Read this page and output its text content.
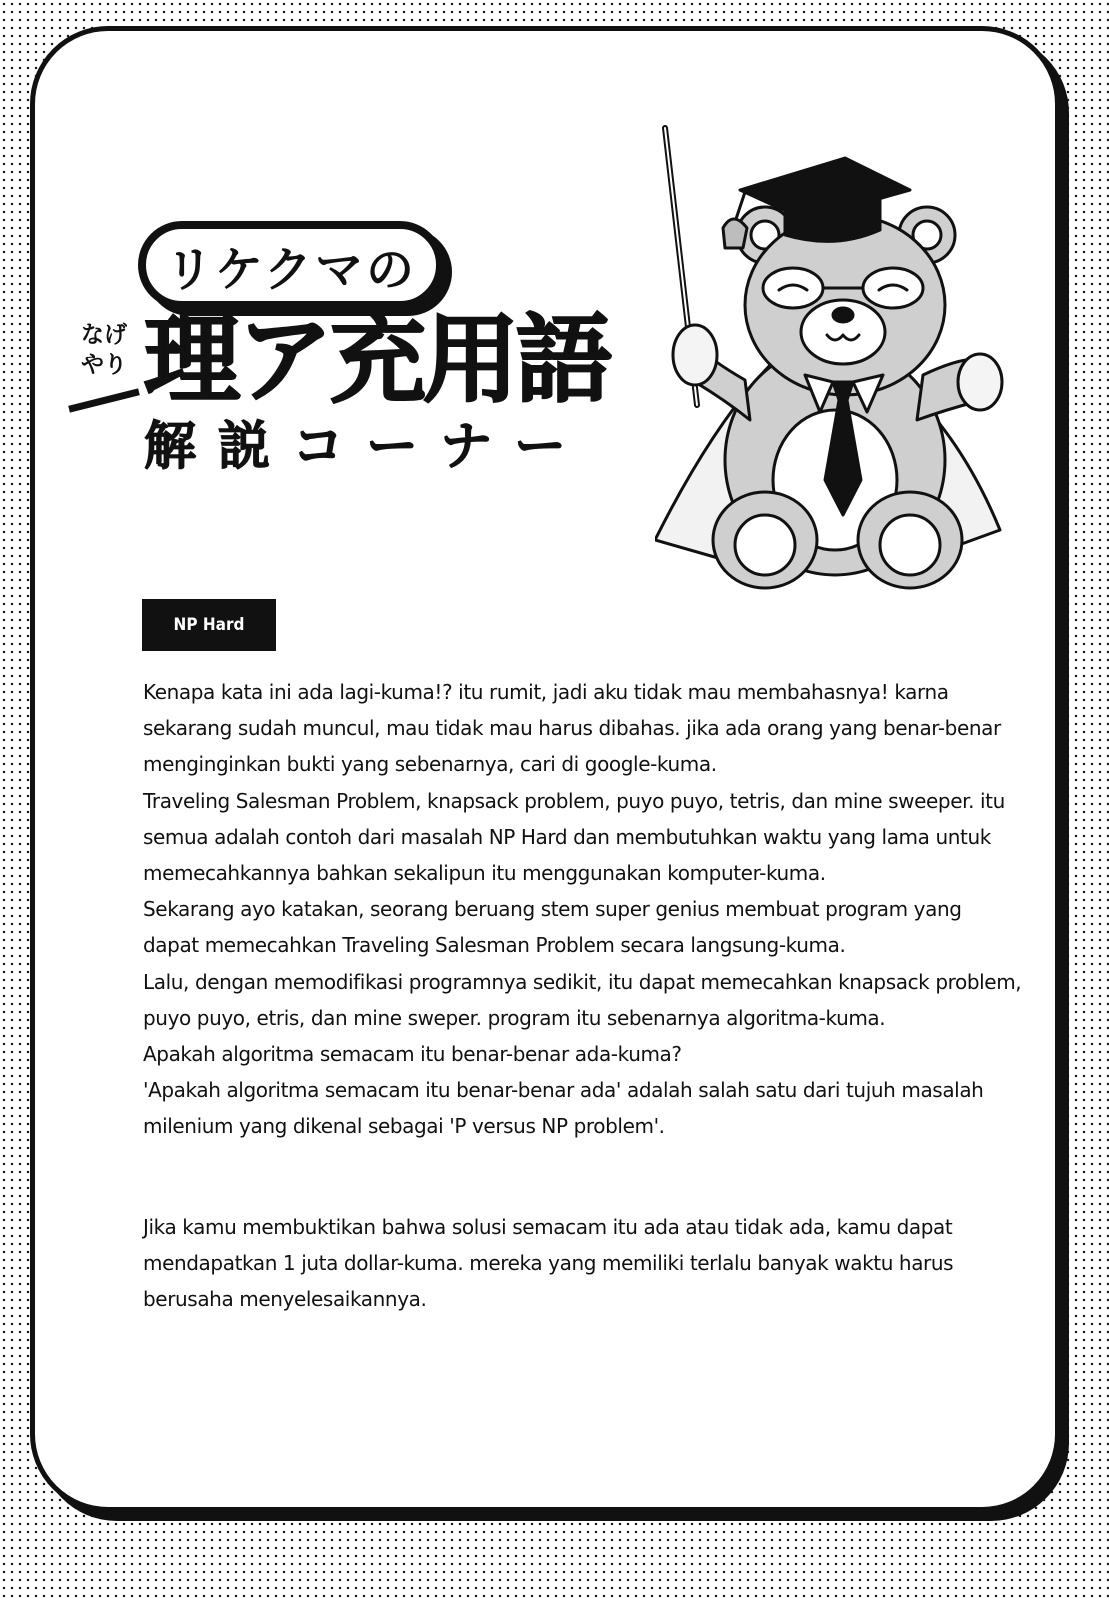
リケクマの
なげ
やり 理ア充用語
解説コーナー
NP Hard

Kenapa kata ini ada lagi-kuma!? itu rumit, jadi aku tidak mau membahasnya! karna

sekarang sudah muncul, mau tidak mau harus dibahas. jika ada orang yang benar-benar

menginginkan bukti yang sebenarnya, cari di google-kuma.

Traveling Salesman Problem, knapsack problem, puyo puyo, tetris, dan mine sweeper. itu

semua adalah contoh dari masalah NP Hard dan membutuhkan waktu yang lama untuk

memecahkannya bahkan sekalipun itu menggunakan komputer-kuma.

Sekarang ayo katakan, seorang beruang stem super genius membuat program yang

dapat memecahkan Traveling Salesman Problem secara langsung-kuma.

Lalu, dengan memodifikasi programnya sedikit, itu dapat memecahkan knapsack problem,

puyo puyo, etris, dan mine sweper. program itu sebenarnya algoritma-kuma.

Apakah algoritma semacam itu benar-benar ada-kuma?

'Apakah algoritma semacam itu benar-benar ada' adalah salah satu dari tujuh masalah

milenium yang dikenal sebagai 'P versus NP problem'.

Jika kamu membuktikan bahwa solusi semacam itu ada atau tidak ada, kamu dapat

mendapatkan 1 juta dollar-kuma. mereka yang memiliki terlalu banyak waktu harus

berusaha menyelesaikannya.
